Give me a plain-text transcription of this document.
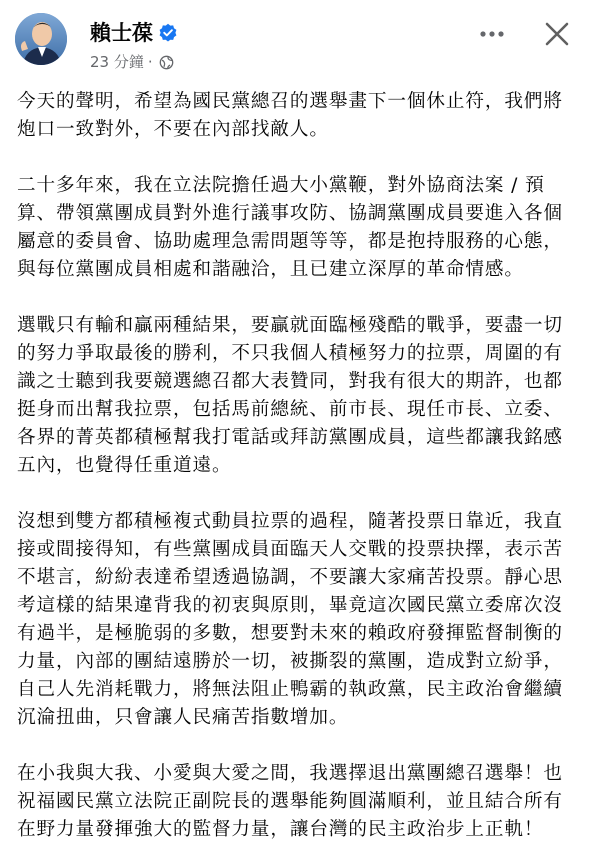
賴士葆
23 分鐘 ·

今天的聲明，希望為國民黨總召的選舉畫下一個休止符，我們將炮口一致對外，不要在內部找敵人。

二十多年來，我在立法院擔任過大小黨鞭，對外協商法案 / 預算、帶領黨團成員對外進行議事攻防、協調黨團成員要進入各個屬意的委員會、協助處理急需問題等等，都是抱持服務的心態，與每位黨團成員相處和諧融洽，且已建立深厚的革命情感。

選戰只有輸和贏兩種結果，要贏就面臨極殘酷的戰爭，要盡一切的努力爭取最後的勝利，不只我個人積極努力的拉票，周圍的有識之士聽到我要競選總召都大表贊同，對我有很大的期許，也都挺身而出幫我拉票，包括馬前總統、前市長、現任市長、立委、各界的菁英都積極幫我打電話或拜訪黨團成員，這些都讓我銘感五內，也覺得任重道遠。

沒想到雙方都積極複式動員拉票的過程，隨著投票日靠近，我直接或間接得知，有些黨團成員面臨天人交戰的投票抉擇，表示苦不堪言，紛紛表達希望透過協調，不要讓大家痛苦投票。靜心思考這樣的結果違背我的初衷與原則，畢竟這次國民黨立委席次沒有過半，是極脆弱的多數，想要對未來的賴政府發揮監督制衡的力量，內部的團結遠勝於一切，被撕裂的黨團，造成對立紛爭，自己人先消耗戰力，將無法阻止鴨霸的執政黨，民主政治會繼續沉淪扭曲，只會讓人民痛苦指數增加。

在小我與大我、小愛與大愛之間，我選擇退出黨團總召選舉！也祝福國民黨立法院正副院長的選舉能夠圓滿順利，並且結合所有在野力量發揮強大的監督力量，讓台灣的民主政治步上正軌！
